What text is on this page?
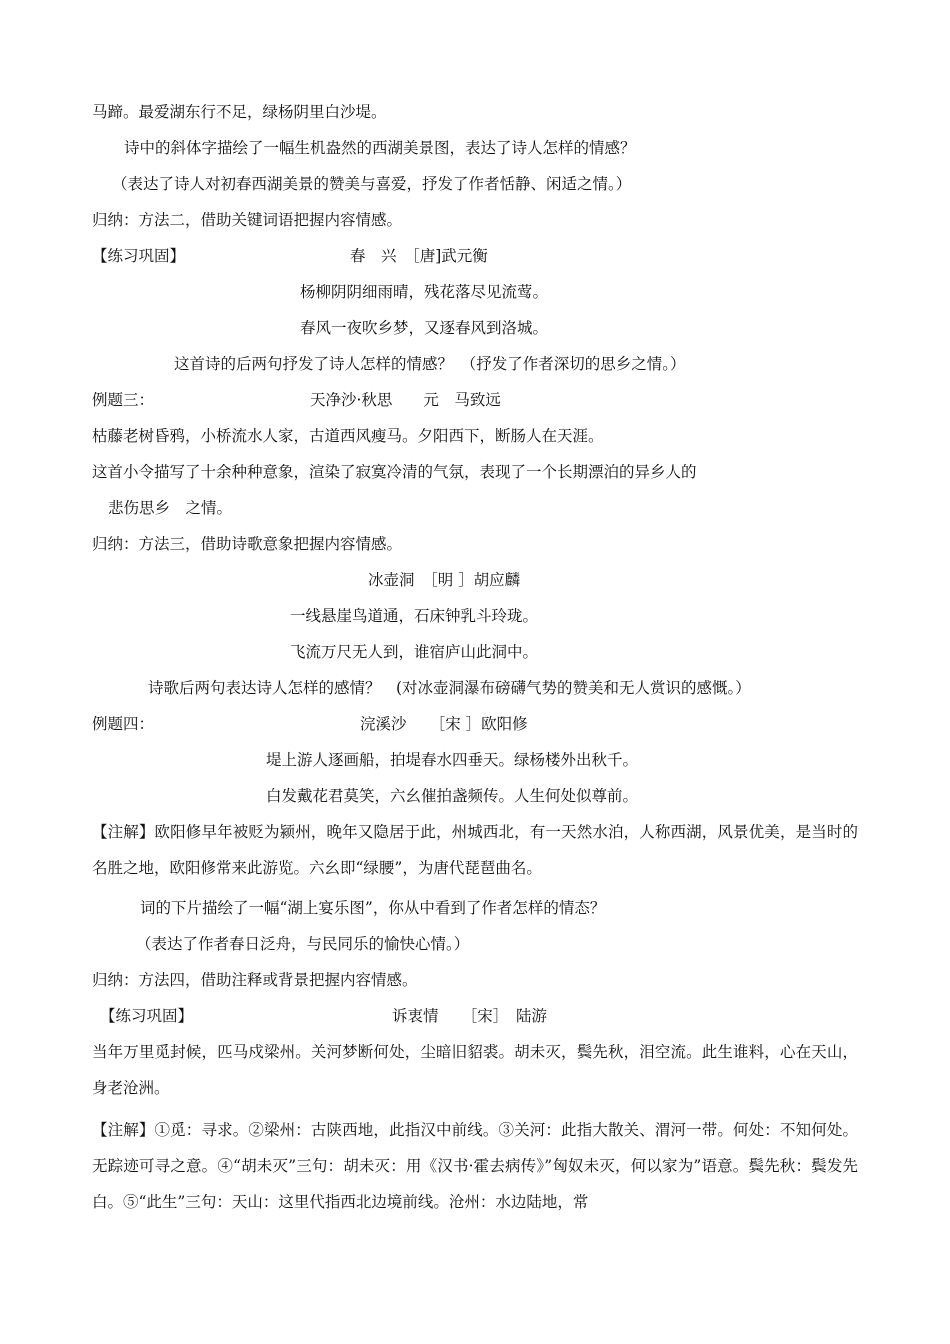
马蹄。最爱湖东行不足，绿杨阴里白沙堤。

诗中的斜体字描绘了一幅生机盎然的西湖美景图，表达了诗人怎样的情感？

（表达了诗人对初春西湖美景的赞美与喜爱，抒发了作者恬静、闲适之情。）

归纳：方法二，借助关键词语把握内容情感。

【练习巩固】	春　兴　［唐]武元衡

杨柳阴阴细雨晴，残花落尽见流莺。

春风一夜吹乡梦，又逐春风到洛城。

这首诗的后两句抒发了诗人怎样的情感？　（抒发了作者深切的思乡之情。）

例题三：	天净沙·秋思　　元　马致远

枯藤老树昏鸦，小桥流水人家，古道西风瘦马。夕阳西下，断肠人在天涯。

这首小令描写了十余种种意象，渲染了寂寞冷清的气氛，表现了一个长期漂泊的异乡人的

悲伤思乡　之情。

归纳：方法三，借助诗歌意象把握内容情感。

冰壶洞　［明 ］胡应麟

一线悬崖鸟道通，石床钟乳斗玲珑。

飞流万尺无人到，谁宿庐山此洞中。

诗歌后两句表达诗人怎样的感情？　(对冰壶洞瀑布磅礴气势的赞美和无人赏识的感慨。）

例题四：	浣溪沙　　［宋 ］欧阳修

堤上游人逐画船，拍堤春水四垂天。绿杨楼外出秋千。

白发戴花君莫笑，六幺催拍盏频传。人生何处似尊前。

【注解】欧阳修早年被贬为颍州，晚年又隐居于此，州城西北，有一天然水泊，人称西湖，风景优美，是当时的名胜之地，欧阳修常来此游览。六幺即“绿腰”，为唐代琵琶曲名。

词的下片描绘了一幅“湖上宴乐图”，你从中看到了作者怎样的情态？

（表达了作者春日泛舟，与民同乐的愉快心情。）

归纳：方法四，借助注释或背景把握内容情感。

【练习巩固】	诉衷情　　［宋］　陆游

当年万里觅封候，匹马戍梁州。关河梦断何处，尘暗旧貂裘。胡未灭，鬓先秋，泪空流。此生谁料，心在天山，身老沧洲。

【注解】①觅：寻求。②梁州：古陕西地，此指汉中前线。③关河：此指大散关、渭河一带。何处：不知何处。无踪迹可寻之意。④“胡未灭”三句：胡未灭：用《汉书·霍去病传》”匈奴未灭，何以家为”语意。鬓先秋：鬓发先白。⑤“此生”三句：天山：这里代指西北边境前线。沧州：水边陆地，常
